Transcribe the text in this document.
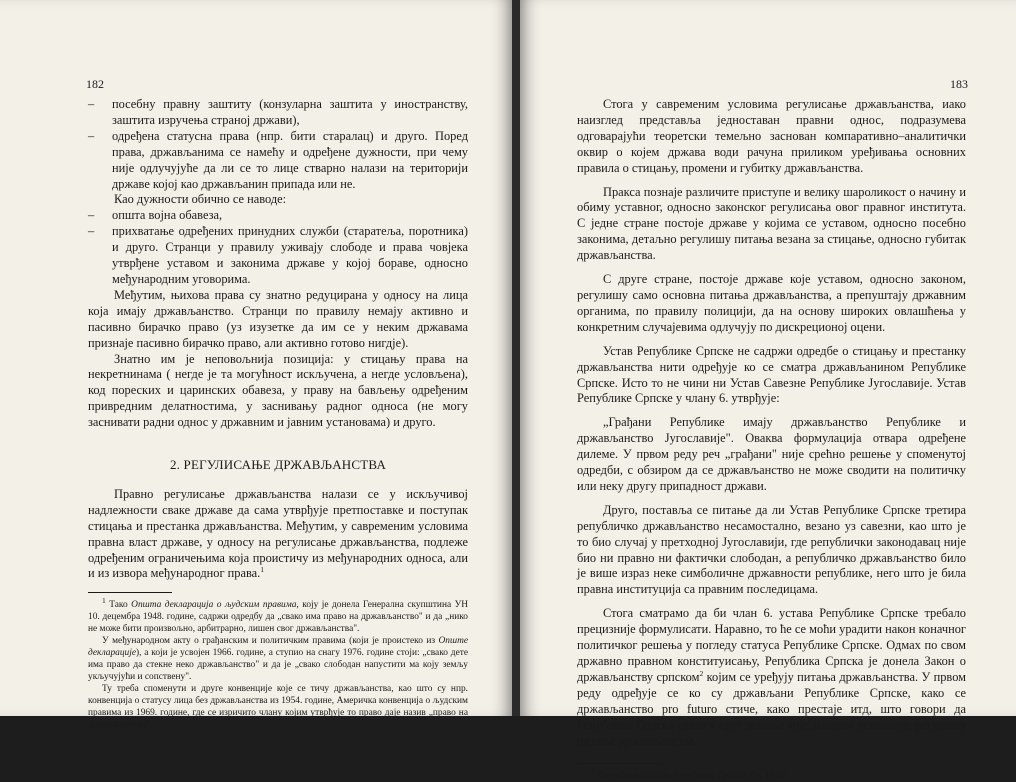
182
–	посебну правну заштиту (конзуларна заштита у иностранству, заштита изручења страној држави),
–	одређена статусна права (нпр. бити старалац) и друго. Поред права, држављанима се намећу и одређене дужности, при чему није одлучујуће да ли се то лице стварно налази на територији државе којој као држављанин припада или не.

Као дужности обично се наводе:

–	општа војна обавеза,
–	прихватање одређених принудних служби (старатеља, поротника) и друго. Странци у правилу уживају слободе и права човјека утврђене уставом и законима државе у којој бораве, односно међународним уговорима.

Међутим, њихова права су знатно редуцирана у односу на лица која имају држављанство. Странци по правилу немају активно и пасивно бирачко право (уз изузетке да им се у неким државама признаје пасивно бирачко право, али активно готово нигдје).

Знатно им је неповољнија позиција: у стицању права на некретнинама ( негде је та могућност искључена, а негде условљена), код пореских и царинских обавеза, у праву на бављењу одређеним привредним делатностима, у заснивању радног односа (не могу заснивати радни однос у државним и јавним установама) и друго.

2. РЕГУЛИСАЊЕ ДРЖАВЉАНСТВА

Правно регулисање држављанства налази се у искључивој надлежности сваке државе да сама утврђује претпоставке и поступак стицања и престанка држављанства. Међутим, у савременим условима правна власт државе, у односу на регулисање држављанства, подлеже одређеним ограничењима која проистичу из међународних односа, али и из извора међународног права.$^1$

$^1$ Тако Општа декларација о људским правима, коју је донела Генерална скупштина УН 10. децембра 1948. године, садржи одредбу да „свако има право на држављанство" и да „нико не може бити произвољно, арбитрарно, лишен свог држављанства".

У међународном акту о грађанским и политичким правима (који је проистеко из Опште декларације), а који је усвојен 1966. године, а ступио на снагу 1976. године стоји: „свако дете има право да стекне неко држављанство" и да је „свако слободан напустити ма коју земљу укључујући и сопствену".

Ту треба споменути и друге конвенције које се тичу држављанства, као што су нпр. конвенција о статусу лица без држављанства из 1954. године, Америчка конвенција о људским правима из 1969. године, где се изричито члану којим утврђује то право даје назив „право на држављанство".

183

Стога у савременим условима регулисање држављанства, иако наизглед представља једноставан правни однос, подразумева одговарајући теоретски темељно заснован компаративно–аналитички оквир о којем држава води рачуна приликом уређивања основних правила о стицању, промени и губитку држављанства.

Пракса познаје различите приступе и велику шароликост о начину и обиму уставног, односно законског регулисања овог правног института. С једне стране постоје државе у којима се уставом, односно посебно законима, детаљно регулишу питања везана за стицање, односно губитак држављанства.

С друге стране, постоје државе које уставом, односно законом, регулишу само основна питања држављанства, а препуштају државним органима, по правилу полицији, да на основу широких овлашћења у конкретним случајевима одлучују по дискреционој оцени.

Устав Републике Српске не садржи одредбе о стицању и престанку држављанства нити одређује ко се сматра држављанином Републике Српске. Исто то не чини ни Устав Савезне Републике Југославије. Устав Републике Српске у члану 6. утврђује:

„Грађани Републике имају држављанство Републике и држављанство Југославије". Оваква формулација отвара одређене дилеме. У првом реду реч „грађани" није срећно решење у споменутој одредби, с обзиром да се држављанство не може сводити на политичку или неку другу припадност држави.

Друго, поставља се питање да ли Устав Републике Српске третира републичко држављанство несамостално, везано уз савезни, као што је то био случај у претходној Југославији, где републички законодавац није био ни правно ни фактички слободан, а републичко држављанство било је више израз неке симболичне државности републике, него што је била правна институција са правним последицама.

Стога сматрамо да би члан 6. устава Републике Српске требало прецизније формулисати. Наравно, то ће се моћи урадити након коначног политичког решења у погледу статуса Републике Српске. Одмах по свом државно правном конституисању, Република Српска је донела Закон о држављанству српском$^2$ којим се уређују питања држављанства. У првом реду одређује се ко су држављани Републике Српске, како се држављанство pro futuro стиче, како престаје итд, што говори да Република Српска улази у круг земаља које законом детаљније регулишу питање држављанства.

$^2$ Службени гласник Републике Српске, бр. 19/92.
